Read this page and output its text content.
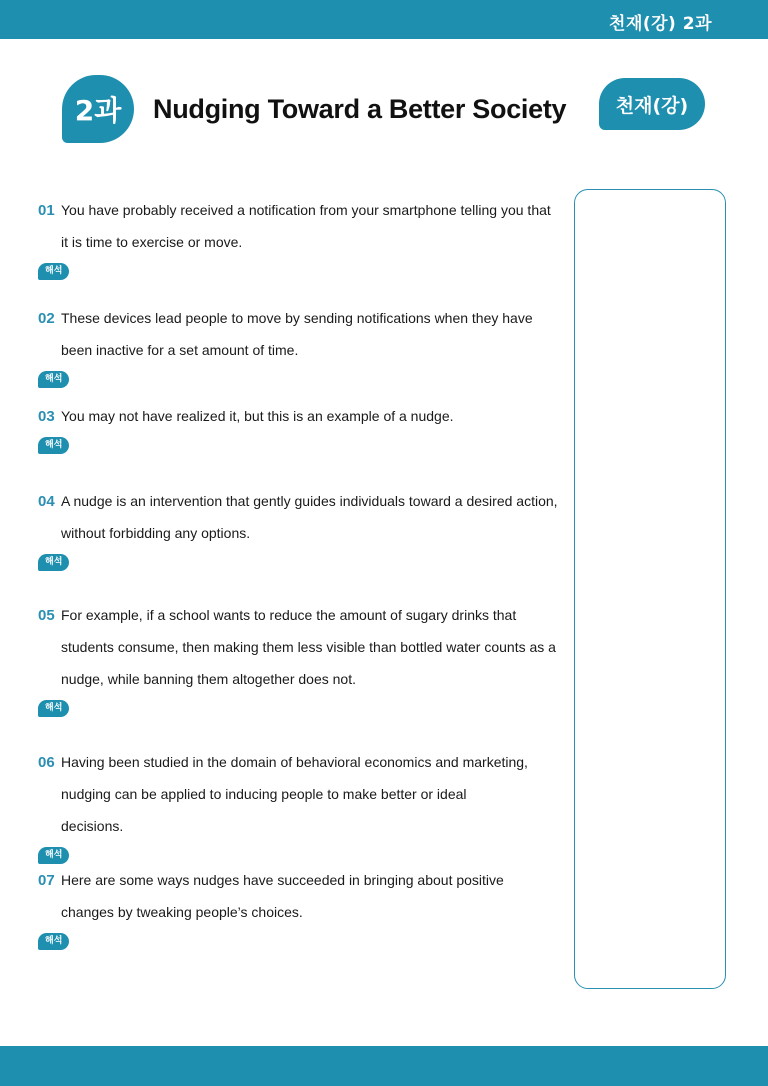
천재(강) 2과
2과 Nudging Toward a Better Society	천재(강)
01 You have probably received a notification from your smartphone telling you that it is time to exercise or move.
해석
02 These devices lead people to move by sending notifications when they have been inactive for a set amount of time.
해석
03 You may not have realized it, but this is an example of a nudge.
해석
04 A nudge is an intervention that gently guides individuals toward a desired action, without forbidding any options.
해석
05 For example, if a school wants to reduce the amount of sugary drinks that students consume, then making them less visible than bottled water counts as a nudge, while banning them altogether does not.
해석
06 Having been studied in the domain of behavioral economics and marketing, nudging can be applied to inducing people to make better or ideal decisions.
해석
07 Here are some ways nudges have succeeded in bringing about positive changes by tweaking people’s choices.
해석
